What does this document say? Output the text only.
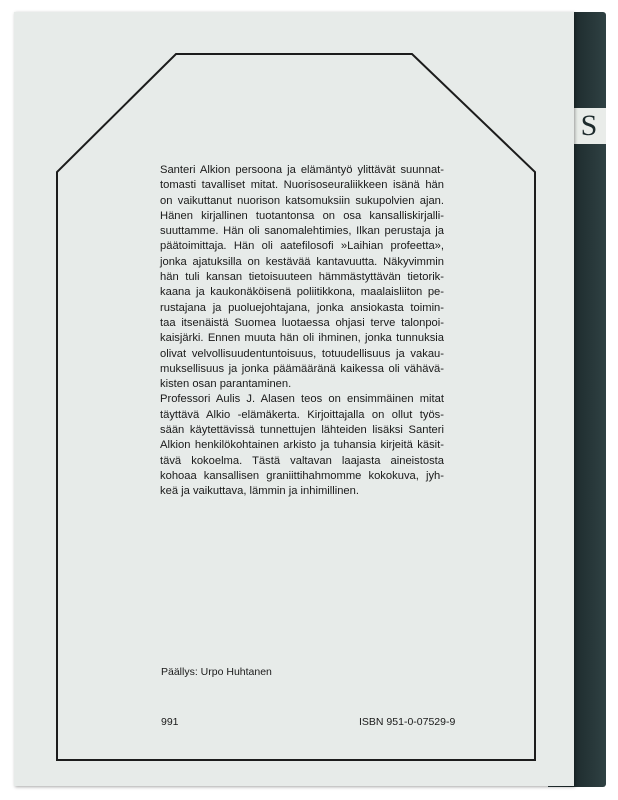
S

Santeri Alkion persoona ja elämäntyö ylittävät suunnat-
tomasti tavalliset mitat. Nuorisoseuraliikkeen isänä hän
on vaikuttanut nuorison katsomuksiin sukupolvien ajan.
Hänen kirjallinen tuotantonsa on osa kansalliskirjalli-
suuttamme. Hän oli sanomalehtimies, Ilkan perustaja ja
päätoimittaja. Hän oli aatefilosofi »Laihian profeetta»,
jonka ajatuksilla on kestävää kantavuutta. Näkyvimmin
hän tuli kansan tietoisuuteen hämmästyttävän tietorik-
kaana ja kaukonäköisenä poliitikkona, maalaisliiton pe-
rustajana ja puoluejohtajana, jonka ansiokasta toimin-
taa itsenäistä Suomea luotaessa ohjasi terve talonpoi-
kaisjärki. Ennen muuta hän oli ihminen, jonka tunnuksia
olivat velvollisuudentuntoisuus, totuudellisuus ja vakau-
muksellisuus ja jonka päämääränä kaikessa oli vähävä-
kisten osan parantaminen.
Professori Aulis J. Alasen teos on ensimmäinen mitat
täyttävä Alkio -elämäkerta. Kirjoittajalla on ollut työs-
sään käytettävissä tunnettujen lähteiden lisäksi Santeri
Alkion henkilökohtainen arkisto ja tuhansia kirjeitä käsit-
tävä kokoelma. Tästä valtavan laajasta aineistosta
kohoaa kansallisen graniittihahmomme kokokuva, jyh-
keä ja vaikuttava, lämmin ja inhimillinen.

Päällys: Urpo Huhtanen
991	ISBN 951-0-07529-9
